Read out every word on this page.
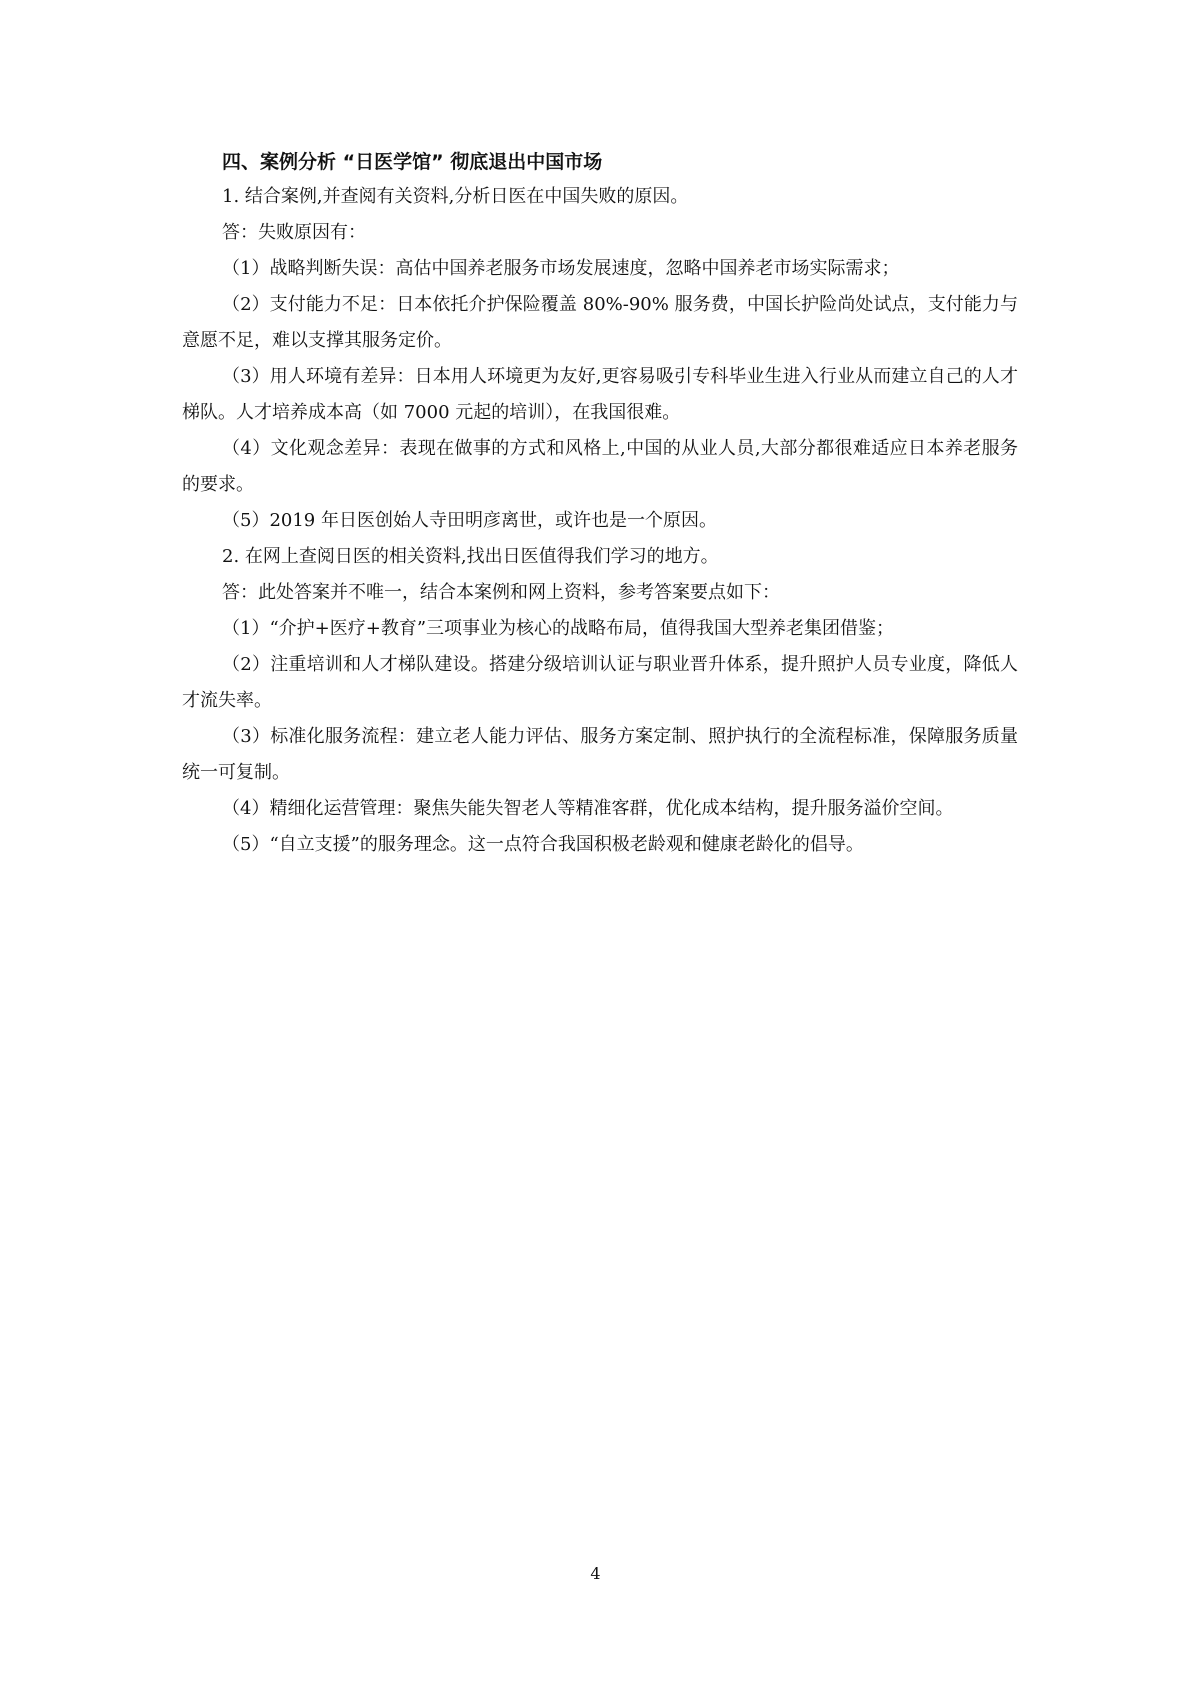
四、案例分析 “日医学馆” 彻底退出中国市场

1. 结合案例,并查阅有关资料,分析日医在中国失败的原因。

答：失败原因有：

（1）战略判断失误：高估中国养老服务市场发展速度，忽略中国养老市场实际需求；

（2）支付能力不足：日本依托介护保险覆盖 80%-90% 服务费，中国长护险尚处试点，支付能力与意愿不足，难以支撑其服务定价。

（3）用人环境有差异：日本用人环境更为友好,更容易吸引专科毕业生进入行业从而建立自己的人才梯队。人才培养成本高（如 7000 元起的培训），在我国很难。

（4）文化观念差异：表现在做事的方式和风格上,中国的从业人员,大部分都很难适应日本养老服务的要求。

（5）2019 年日医创始人寺田明彦离世，或许也是一个原因。

2. 在网上查阅日医的相关资料,找出日医值得我们学习的地方。

答：此处答案并不唯一，结合本案例和网上资料，参考答案要点如下：

（1）“介护+医疗+教育”三项事业为核心的战略布局，值得我国大型养老集团借鉴；

（2）注重培训和人才梯队建设。搭建分级培训认证与职业晋升体系，提升照护人员专业度，降低人才流失率。

（3）标准化服务流程：建立老人能力评估、服务方案定制、照护执行的全流程标准，保障服务质量统一可复制。

（4）精细化运营管理：聚焦失能失智老人等精准客群，优化成本结构，提升服务溢价空间。

（5）“自立支援”的服务理念。这一点符合我国积极老龄观和健康老龄化的倡导。

4
